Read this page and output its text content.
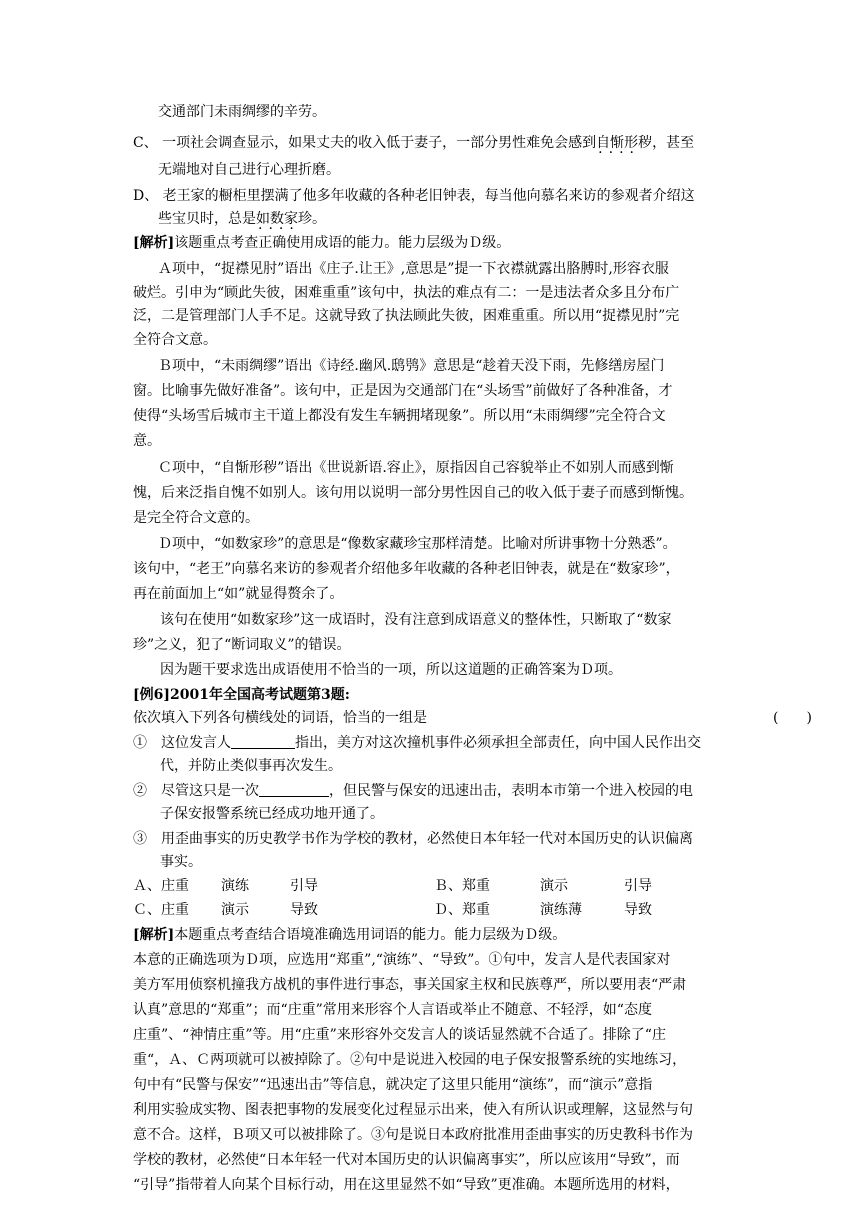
交通部门未雨绸缪的辛劳。
C、 一项社会调查显示，如果丈夫的收入低于妻子，一部分男性难免会感到自惭形秽 ····，甚至
无端地对自己进行心理折磨。
D、 老王家的橱柜里摆满了他多年收藏的各种老旧钟表，每当他向慕名来访的参观者介绍这
些宝贝时，总是如数家珍 ····。
[解析]该题重点考查正确使用成语的能力。能力层级为Ｄ级。
Ａ项中，“捉襟见肘”语出《庄子.让王》,意思是”提一下衣襟就露出胳膊时,形容衣服
破烂。引申为“顾此失彼，困难重重”该句中，执法的难点有二：一是违法者众多且分布广
泛，二是管理部门人手不足。这就导致了执法顾此失彼，困难重重。所以用“捉襟见肘”完
全符合文意。
Ｂ项中，“未雨绸缪”语出《诗经.幽风.鸱鸮》意思是“趁着天没下雨，先修缮房屋门
窗。比喻事先做好准备”。该句中，正是因为交通部门在“头场雪”前做好了各种准备，才
使得“头场雪后城市主干道上都没有发生车辆拥堵现象”。所以用“未雨绸缪”完全符合文
意。
Ｃ项中，“自惭形秽”语出《世说新语.容止》，原指因自己容貌举止不如别人而感到惭
愧，后来泛指自愧不如别人。该句用以说明一部分男性因自己的收入低于妻子而感到惭愧。
是完全符合文意的。
Ｄ项中，“如数家珍”的意思是“像数家藏珍宝那样清楚。比喻对所讲事物十分熟悉”。
该句中，“老王”向慕名来访的参观者介绍他多年收藏的各种老旧钟表，就是在“数家珍”，
再在前面加上“如”就显得赘余了。
该句在使用“如数家珍”这一成语时，没有注意到成语意义的整体性，只断取了“数家
珍”之义，犯了“断词取义”的错误。
因为题干要求选出成语使用不恰当的一项，所以这道题的正确答案为Ｄ项。
[例6]2001年全国高考试题第3题:
依次填入下列各句横线处的词语，恰当的一组是	(　　)
①　这位发言人	指出，美方对这次撞机事件必须承担全部责任，向中国人民作出交
代，并防止类似事再次发生。
②　尽管这只是一次	，但民警与保安的迅速出击，表明本市第一个进入校园的电
子保安报警系统已经成功地开通了。
③　用歪曲事实的历史教学书作为学校的教材，必然使日本年轻一代对本国历史的认识偏离
事实。
Ａ、庄重 演练	引导	Ｂ、郑重	演示	引导
Ｃ、庄重 演示	导致	Ｄ、郑重	演练薄	导致
[解析]本题重点考查结合语境准确选用词语的能力。能力层级为Ｄ级。
本意的正确选项为Ｄ项，应选用“郑重”,“演练”、“导致”。①句中，发言人是代表国家对
美方军用侦察机撞我方战机的事件进行事态，事关国家主权和民族尊严，所以要用表“严肃
认真”意思的“郑重”；而“庄重”常用来形容个人言语或举止不随意、不轻浮，如“态度
庄重”、“神情庄重”等。用“庄重”来形容外交发言人的谈话显然就不合适了。排除了“庄
重“，Ａ、Ｃ两项就可以被掉除了。②句中是说进入校园的电子保安报警系统的实地练习，
句中有“民警与保安”“迅速出击”等信息，就决定了这里只能用“演练”，而“演示”意指
利用实验成实物、图表把事物的发展变化过程显示出来，使入有所认识或理解，这显然与句
意不合。这样，Ｂ项又可以被排除了。③句是说日本政府批准用歪曲事实的历史教科书作为
学校的教材，必然使“日本年轻一代对本国历史的认识偏离事实”，所以应该用“导致”，而
“引导”指带着人向某个目标行动，用在这里显然不如“导致”更准确。本题所选用的材料，
